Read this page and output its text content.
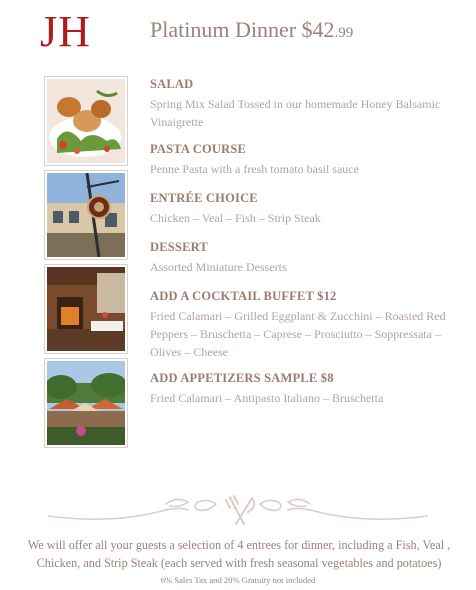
JH	Platinum Dinner $42.99
SALAD
Spring Mix Salad Tossed in our homemade Honey Balsamic Vinaigrette
PASTA COURSE
Penne Pasta with a fresh tomato basil sauce
ENTRÉE CHOICE
Chicken – Veal – Fish – Strip Steak
DESSERT
Assorted Miniature Desserts
ADD A COCKTAIL BUFFET $12
Fried Calamari – Grilled Eggplant & Zucchini – Roasted Red Peppers – Bruschetta – Caprese – Prosciutto – Soppressata – Olives – Cheese
ADD APPETIZERS SAMPLE $8
Fried Calamari – Antipasto Italiano – Bruschetta
We will offer all your guests a selection of 4 entrees for dinner, including a Fish, Veal , Chicken, and Strip Steak (each served with fresh seasonal vegetables and potatoes)
6% Sales Tax and 20% Gratuity not included
